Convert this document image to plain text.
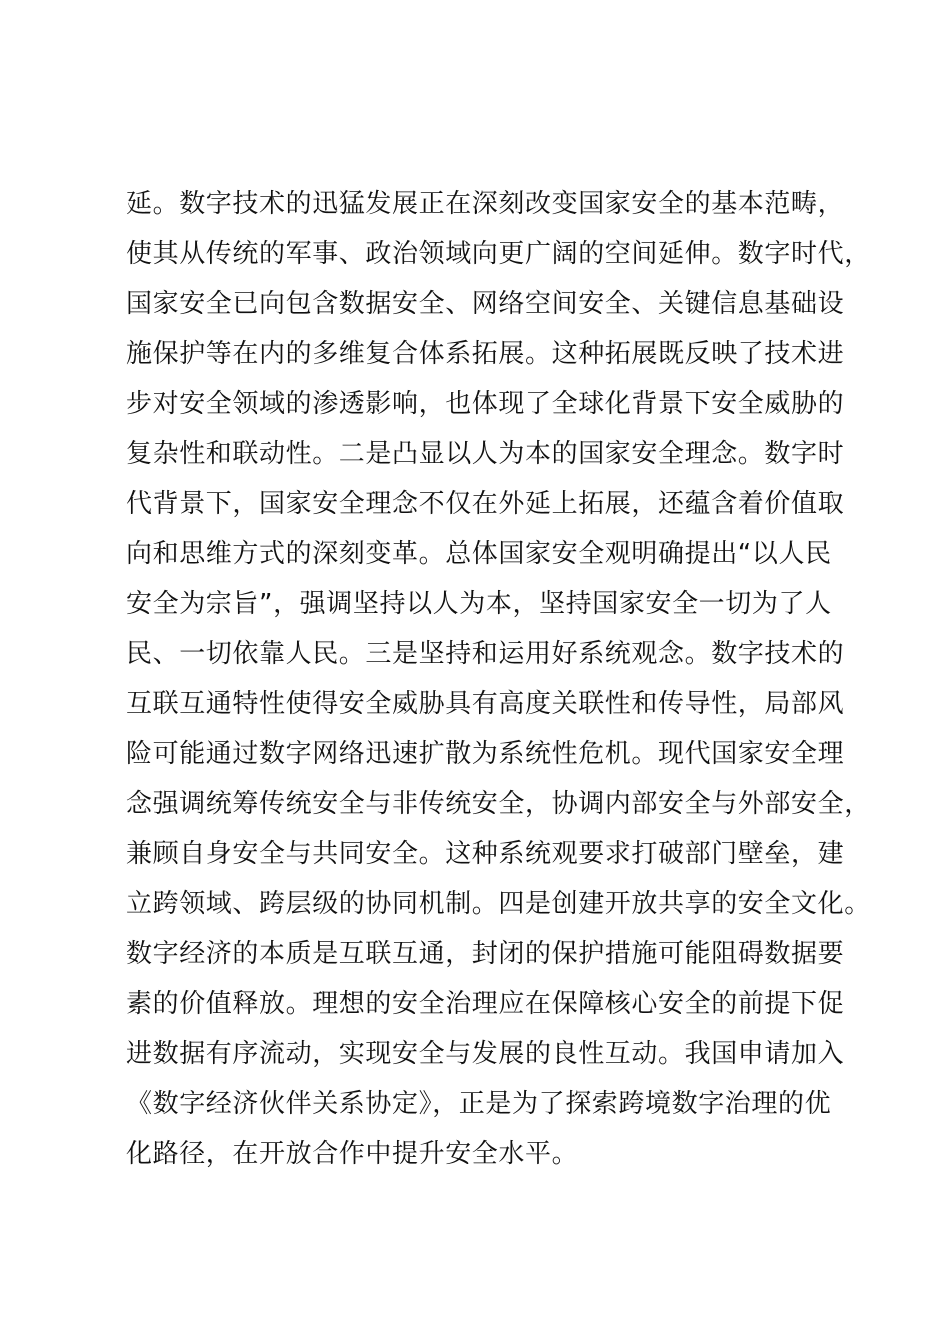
延。数字技术的迅猛发展正在深刻改变国家安全的基本范畴，
使其从传统的军事、政治领域向更广阔的空间延伸。数字时代，
国家安全已向包含数据安全、网络空间安全、关键信息基础设
施保护等在内的多维复合体系拓展。这种拓展既反映了技术进
步对安全领域的渗透影响，也体现了全球化背景下安全威胁的
复杂性和联动性。二是凸显以人为本的国家安全理念。数字时
代背景下，国家安全理念不仅在外延上拓展，还蕴含着价值取
向和思维方式的深刻变革。总体国家安全观明确提出“以人民
安全为宗旨”，强调坚持以人为本，坚持国家安全一切为了人
民、一切依靠人民。三是坚持和运用好系统观念。数字技术的
互联互通特性使得安全威胁具有高度关联性和传导性，局部风
险可能通过数字网络迅速扩散为系统性危机。现代国家安全理
念强调统筹传统安全与非传统安全，协调内部安全与外部安全，
兼顾自身安全与共同安全。这种系统观要求打破部门壁垒，建
立跨领域、跨层级的协同机制。四是创建开放共享的安全文化。
数字经济的本质是互联互通，封闭的保护措施可能阻碍数据要
素的价值释放。理想的安全治理应在保障核心安全的前提下促
进数据有序流动，实现安全与发展的良性互动。我国申请加入
《数字经济伙伴关系协定》，正是为了探索跨境数字治理的优
化路径，在开放合作中提升安全水平。
